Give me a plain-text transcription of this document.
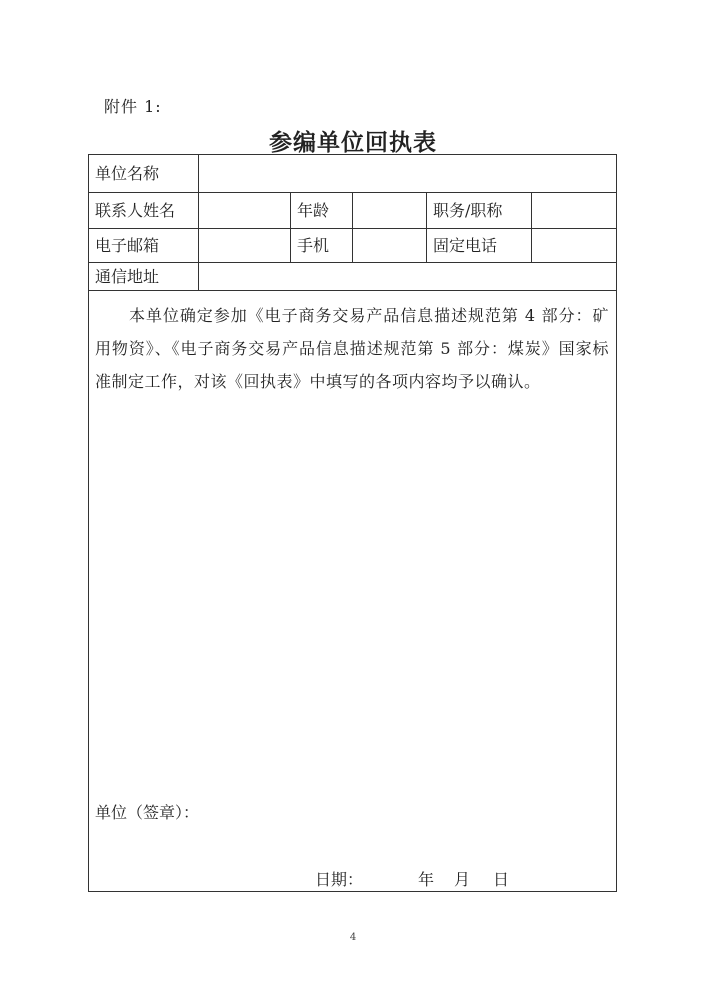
附件 1:
参编单位回执表
单位名称
联系人姓名	年龄	职务/职称
电子邮箱	手机	固定电话
通信地址
本单位确定参加《电子商务交易产品信息描述规范第 4 部分：矿用物资》、《电子商务交易产品信息描述规范第 5 部分：煤炭》国家标准制定工作，对该《回执表》中填写的各项内容均予以确认。
单位（签章）：
日期：	年 月 日
4
